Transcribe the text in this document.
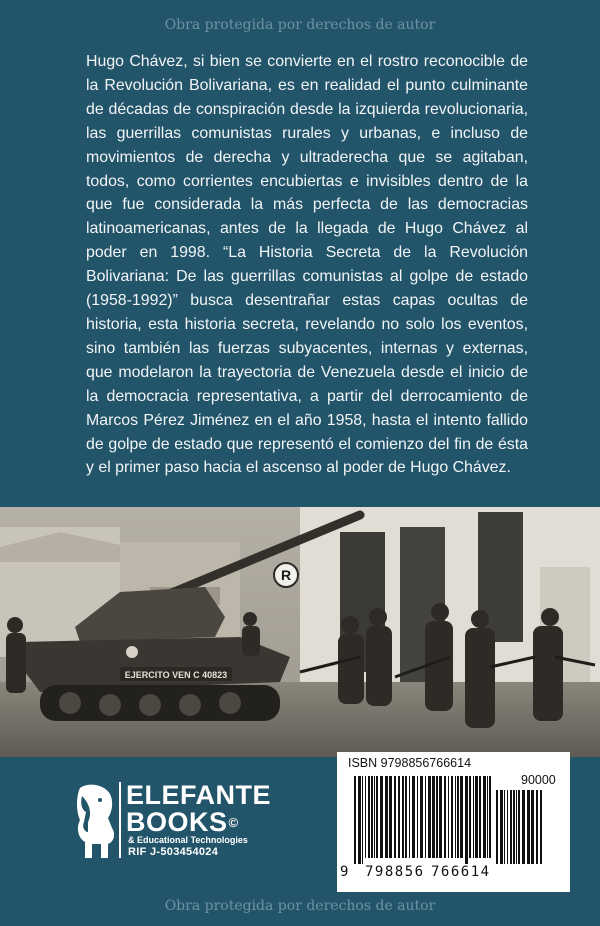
Obra protegida por derechos de autor

Hugo Chávez, si bien se convierte en el rostro reconocible de la Revolución Bolivariana, es en realidad el punto culminante de décadas de conspiración desde la izquierda revolucionaria, las guerrillas comunistas rurales y urbanas, e incluso de movimientos de derecha y ultraderecha que se agitaban, todos, como corrientes encubiertas e invisibles dentro de la que fue considerada la más perfecta de las democracias latinoamericanas, antes de la llegada de Hugo Chávez al poder en 1998. “La Historia Secreta de la Revolución Bolivariana: De las guerrillas comunistas al golpe de estado (1958-1992)” busca desentrañar estas capas ocultas de historia, esta historia secreta, revelando no solo los eventos, sino también las fuerzas subyacentes, internas y externas, que modelaron la trayectoria de Venezuela desde el inicio de la democracia representativa, a partir del derrocamiento de Marcos Pérez Jiménez en el año 1958, hasta el intento fallido de golpe de estado que representó el comienzo del fin de ésta y el primer paso hacia el ascenso al poder de Hugo Chávez.

R
EJERCITO VEN C 40823
ELEFANTE
BOOKS©
& Educational Technologies
RIF J-503454024
ISBN 9798856766614
90000
9 798856 766614
Obra protegida por derechos de autor
